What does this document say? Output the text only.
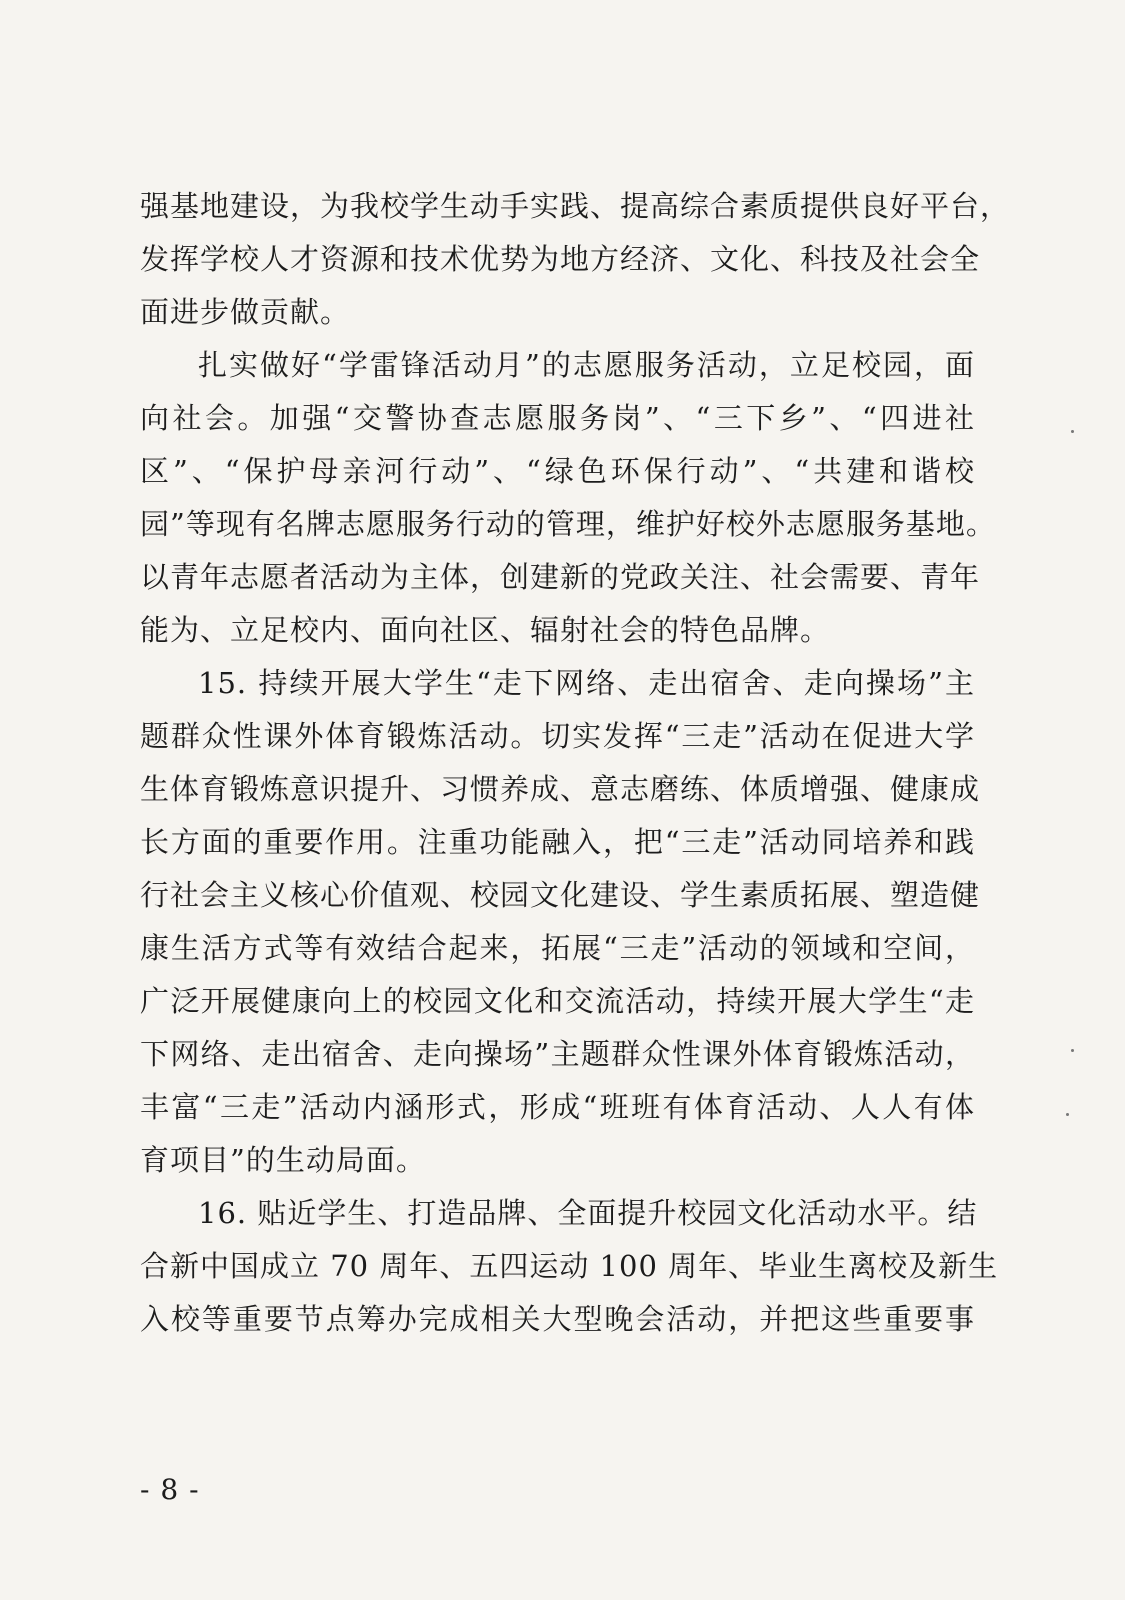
强基地建设，为我校学生动手实践、提高综合素质提供良好平台，
发挥学校人才资源和技术优势为地方经济、文化、科技及社会全
面进步做贡献。
扎实做好“学雷锋活动月”的志愿服务活动，立足校园，面
向社会。加强“交警协查志愿服务岗”、“三下乡”、“四进社
区”、“保护母亲河行动”、“绿色环保行动”、“共建和谐校
园”等现有名牌志愿服务行动的管理，维护好校外志愿服务基地。
以青年志愿者活动为主体，创建新的党政关注、社会需要、青年
能为、立足校内、面向社区、辐射社会的特色品牌。
15. 持续开展大学生“走下网络、走出宿舍、走向操场”主
题群众性课外体育锻炼活动。切实发挥“三走”活动在促进大学
生体育锻炼意识提升、习惯养成、意志磨练、体质增强、健康成
长方面的重要作用。注重功能融入，把“三走”活动同培养和践
行社会主义核心价值观、校园文化建设、学生素质拓展、塑造健
康生活方式等有效结合起来，拓展“三走”活动的领域和空间，
广泛开展健康向上的校园文化和交流活动，持续开展大学生“走
下网络、走出宿舍、走向操场”主题群众性课外体育锻炼活动，
丰富“三走”活动内涵形式，形成“班班有体育活动、人人有体
育项目”的生动局面。
16. 贴近学生、打造品牌、全面提升校园文化活动水平。结
合新中国成立 70 周年、五四运动 100 周年、毕业生离校及新生
入校等重要节点筹办完成相关大型晚会活动，并把这些重要事
- 8 -
